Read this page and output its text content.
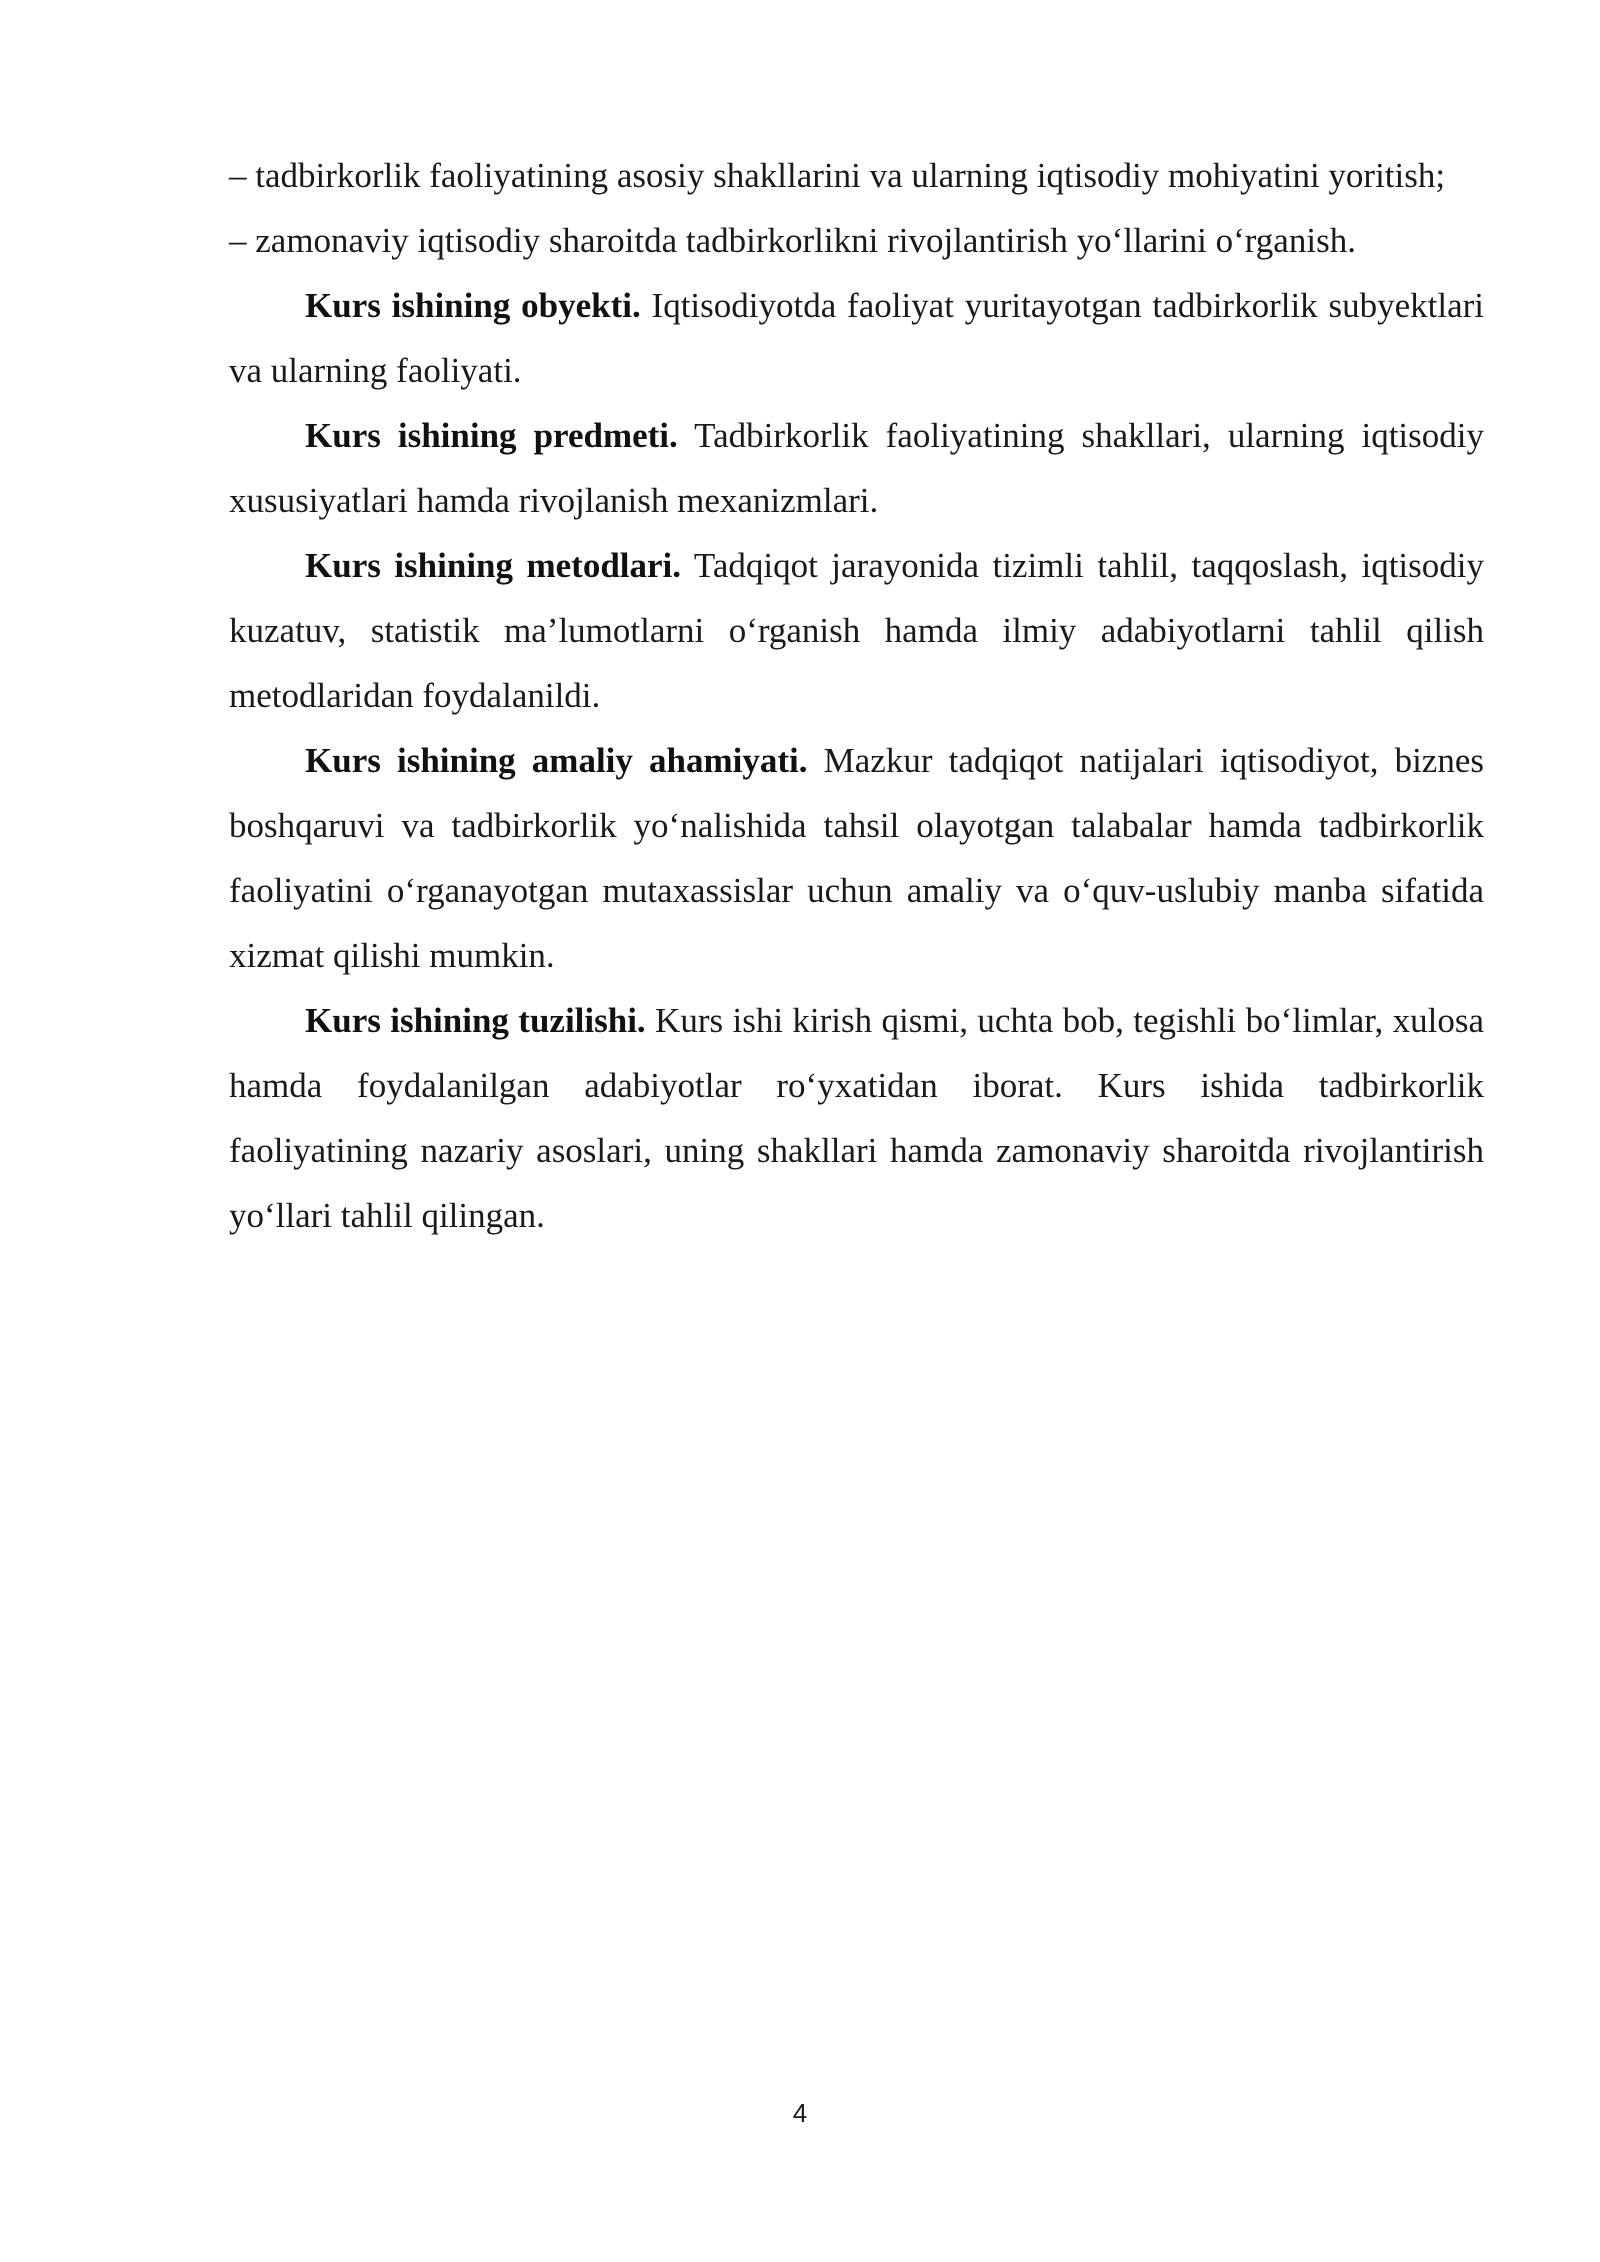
– tadbirkorlik faoliyatining asosiy shakllarini va ularning iqtisodiy mohiyatini yoritish;

– zamonaviy iqtisodiy sharoitda tadbirkorlikni rivojlantirish yo‘llarini o‘rganish.

Kurs ishining obyekti. Iqtisodiyotda faoliyat yuritayotgan tadbirkorlik subyektlari va ularning faoliyati.

Kurs ishining predmeti. Tadbirkorlik faoliyatining shakllari, ularning iqtisodiy xususiyatlari hamda rivojlanish mexanizmlari.

Kurs ishining metodlari. Tadqiqot jarayonida tizimli tahlil, taqqoslash, iqtisodiy kuzatuv, statistik ma’lumotlarni o‘rganish hamda ilmiy adabiyotlarni tahlil qilish metodlaridan foydalanildi.

Kurs ishining amaliy ahamiyati. Mazkur tadqiqot natijalari iqtisodiyot, biznes boshqaruvi va tadbirkorlik yo‘nalishida tahsil olayotgan talabalar hamda tadbirkorlik faoliyatini o‘rganayotgan mutaxassislar uchun amaliy va o‘quv-uslubiy manba sifatida xizmat qilishi mumkin.

Kurs ishining tuzilishi. Kurs ishi kirish qismi, uchta bob, tegishli bo‘limlar, xulosa hamda foydalanilgan adabiyotlar ro‘yxatidan iborat. Kurs ishida tadbirkorlik faoliyatining nazariy asoslari, uning shakllari hamda zamonaviy sharoitda rivojlantirish yo‘llari tahlil qilingan.

4
